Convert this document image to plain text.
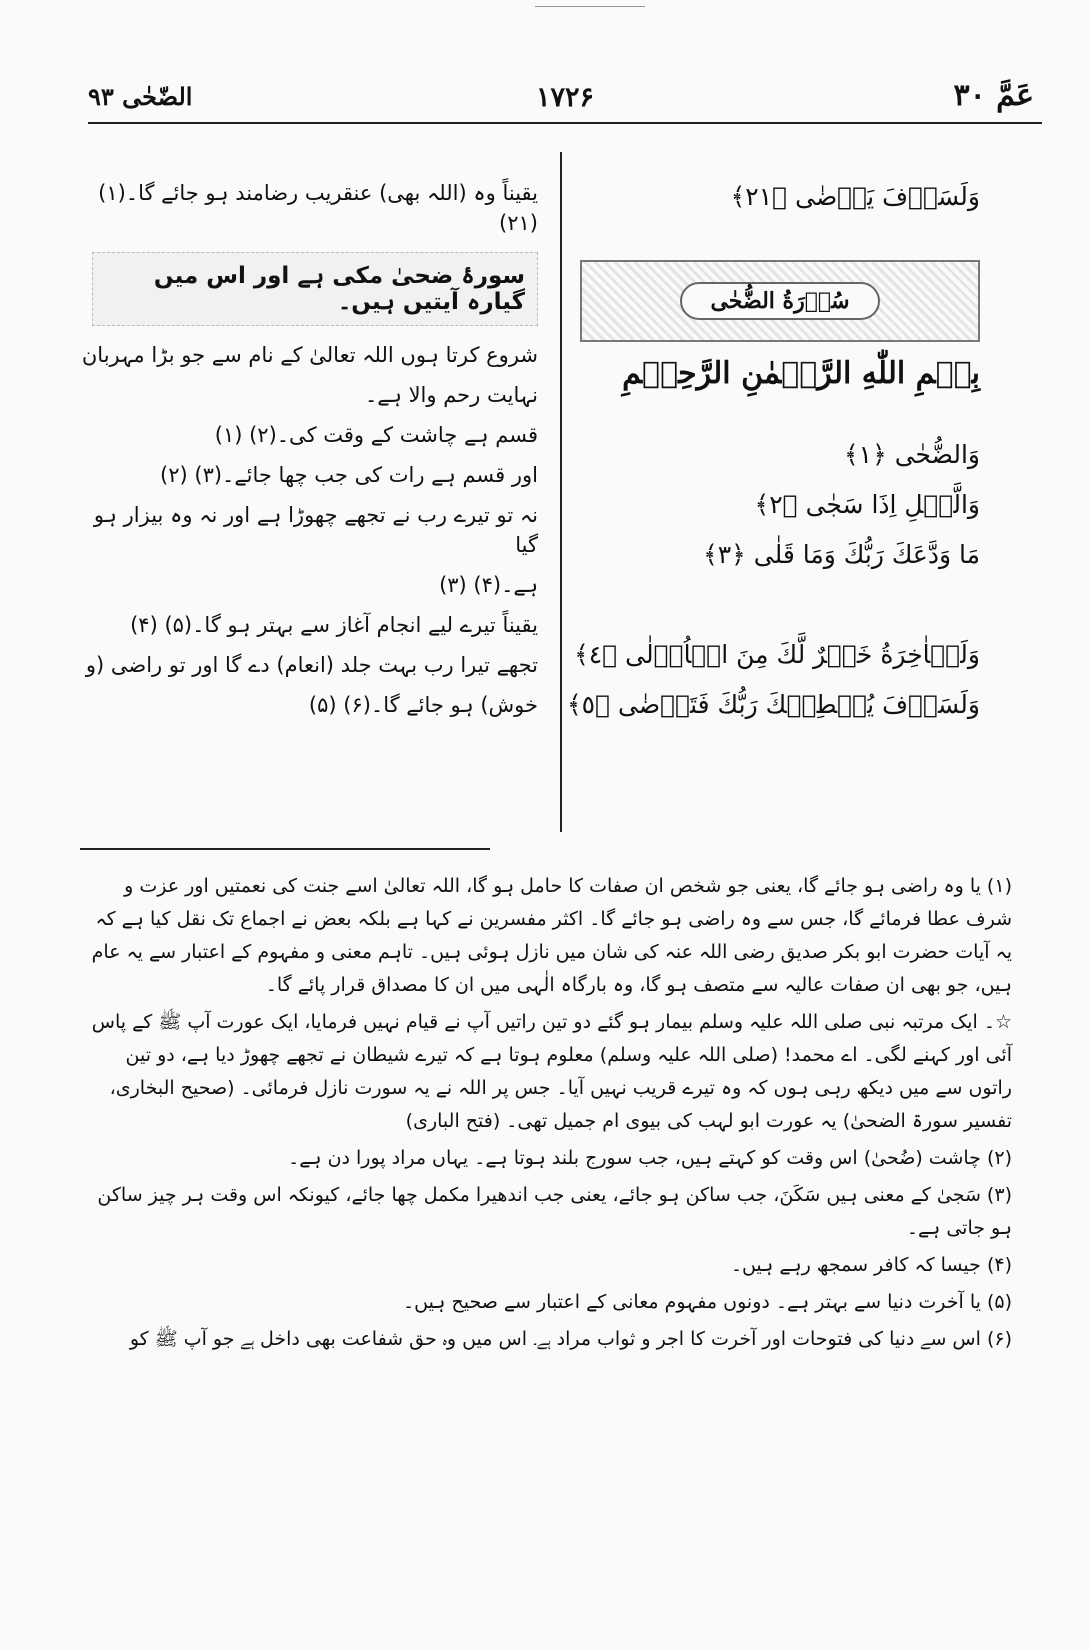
عَمَّ ۳۰
۱۷۲۶
الضّحٰی ۹۳
یقیناً وہ (اللہ بھی) عنقریب رضامند ہو جائے گا۔(۱) (۲۱)
سورۂ ضحیٰ مکی ہے اور اس میں گیارہ آیتیں ہیں۔
شروع کرتا ہوں اللہ تعالیٰ کے نام سے جو بڑا مہربان
نہایت رحم والا ہے۔
قسم ہے چاشت کے وقت کی۔(۲) (۱)
اور قسم ہے رات کی جب چھا جائے۔(۳) (۲)
نہ تو تیرے رب نے تجھے چھوڑا ہے اور نہ وہ بیزار ہو گیا
ہے۔(۴) (۳)
یقیناً تیرے لیے انجام آغاز سے بہتر ہو گا۔(۵) (۴)
تجھے تیرا رب بہت جلد (انعام) دے گا اور تو راضی (و
خوش) ہو جائے گا۔(۶) (۵)
وَلَسَوۡفَ يَرۡضٰى ﴿٢١﴾
سُوۡرَةُ الضُّحٰى
بِسۡمِ اللّٰهِ الرَّحۡمٰنِ الرَّحِيۡمِ
وَالضُّحٰى ﴿١﴾
وَالَّيۡلِ اِذَا سَجٰى ﴿٢﴾
مَا وَدَّعَكَ رَبُّكَ وَمَا قَلٰى ﴿٣﴾
وَلَلۡاٰخِرَةُ خَيۡرٌ لَّكَ مِنَ الۡاُوۡلٰى ﴿٤﴾
وَلَسَوۡفَ يُعۡطِيۡكَ رَبُّكَ فَتَرۡضٰى ﴿٥﴾
(۱) یا وہ راضی ہو جائے گا، یعنی جو شخص ان صفات کا حامل ہو گا، اللہ تعالیٰ اسے جنت کی نعمتیں اور عزت و شرف عطا فرمائے گا، جس سے وہ راضی ہو جائے گا۔ اکثر مفسرین نے کہا ہے بلکہ بعض نے اجماع تک نقل کیا ہے کہ یہ آیات حضرت ابو بکر صدیق رضی اللہ عنہ کی شان میں نازل ہوئی ہیں۔ تاہم معنی و مفہوم کے اعتبار سے یہ عام ہیں، جو بھی ان صفات عالیہ سے متصف ہو گا، وہ بارگاہ الٰہی میں ان کا مصداق قرار پائے گا۔
☆۔ ایک مرتبہ نبی صلی اللہ علیہ وسلم بیمار ہو گئے دو تین راتیں آپ نے قیام نہیں فرمایا، ایک عورت آپ ﷺ کے پاس آئی اور کہنے لگی۔ اے محمد! (صلی اللہ علیہ وسلم) معلوم ہوتا ہے کہ تیرے شیطان نے تجھے چھوڑ دیا ہے، دو تین راتوں سے میں دیکھ رہی ہوں کہ وہ تیرے قریب نہیں آیا۔ جس پر اللہ نے یہ سورت نازل فرمائی۔ (صحیح البخاری، تفسیر سورۃ الضحیٰ) یہ عورت ابو لہب کی بیوی ام جمیل تھی۔ (فتح الباری)
(۲) چاشت (ضُحیٰ) اس وقت کو کہتے ہیں، جب سورج بلند ہوتا ہے۔ یہاں مراد پورا دن ہے۔
(۳) سَجیٰ کے معنی ہیں سَکَنَ، جب ساکن ہو جائے، یعنی جب اندھیرا مکمل چھا جائے، کیونکہ اس وقت ہر چیز ساکن ہو جاتی ہے۔
(۴) جیسا کہ کافر سمجھ رہے ہیں۔
(۵) یا آخرت دنیا سے بہتر ہے۔ دونوں مفہوم معانی کے اعتبار سے صحیح ہیں۔
(۶) اس سے دنیا کی فتوحات اور آخرت کا اجر و ثواب مراد ہے۔ اس میں وہ حق شفاعت بھی داخل ہے جو آپ ﷺ کو
